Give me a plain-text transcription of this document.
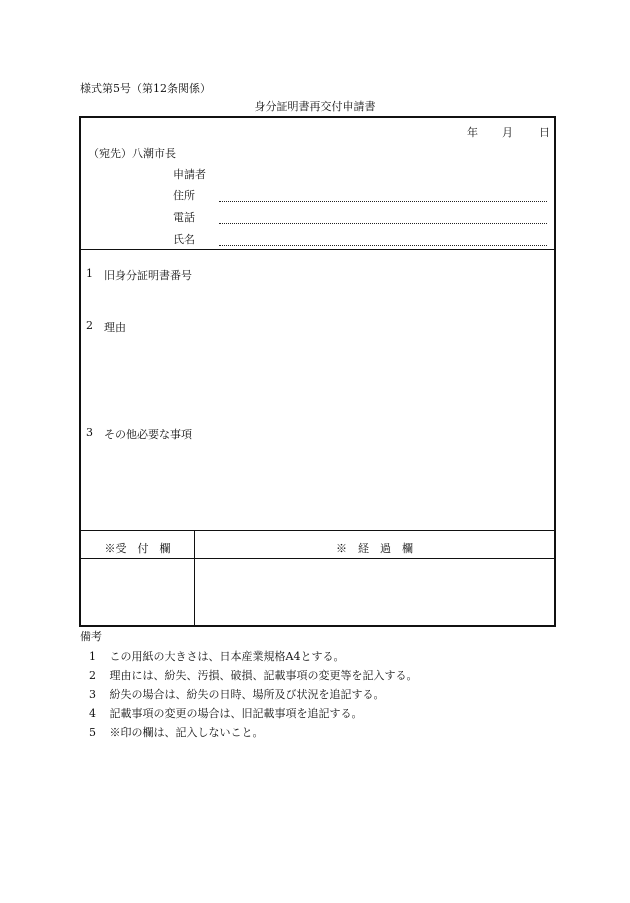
様式第5号（第12条関係）
身分証明書再交付申請書
年 月 日
（宛先）八潮市長
申請者
住所
電話
氏名
1 旧身分証明書番号
2 理由
3 その他必要な事項
※受　付　欄	※　経　過　欄
備考
1 この用紙の大きさは、日本産業規格A4とする。
2 理由には、紛失、汚損、破損、記載事項の変更等を記入する。
3 紛失の場合は、紛失の日時、場所及び状況を追記する。
4 記載事項の変更の場合は、旧記載事項を追記する。
5 ※印の欄は、記入しないこと。
